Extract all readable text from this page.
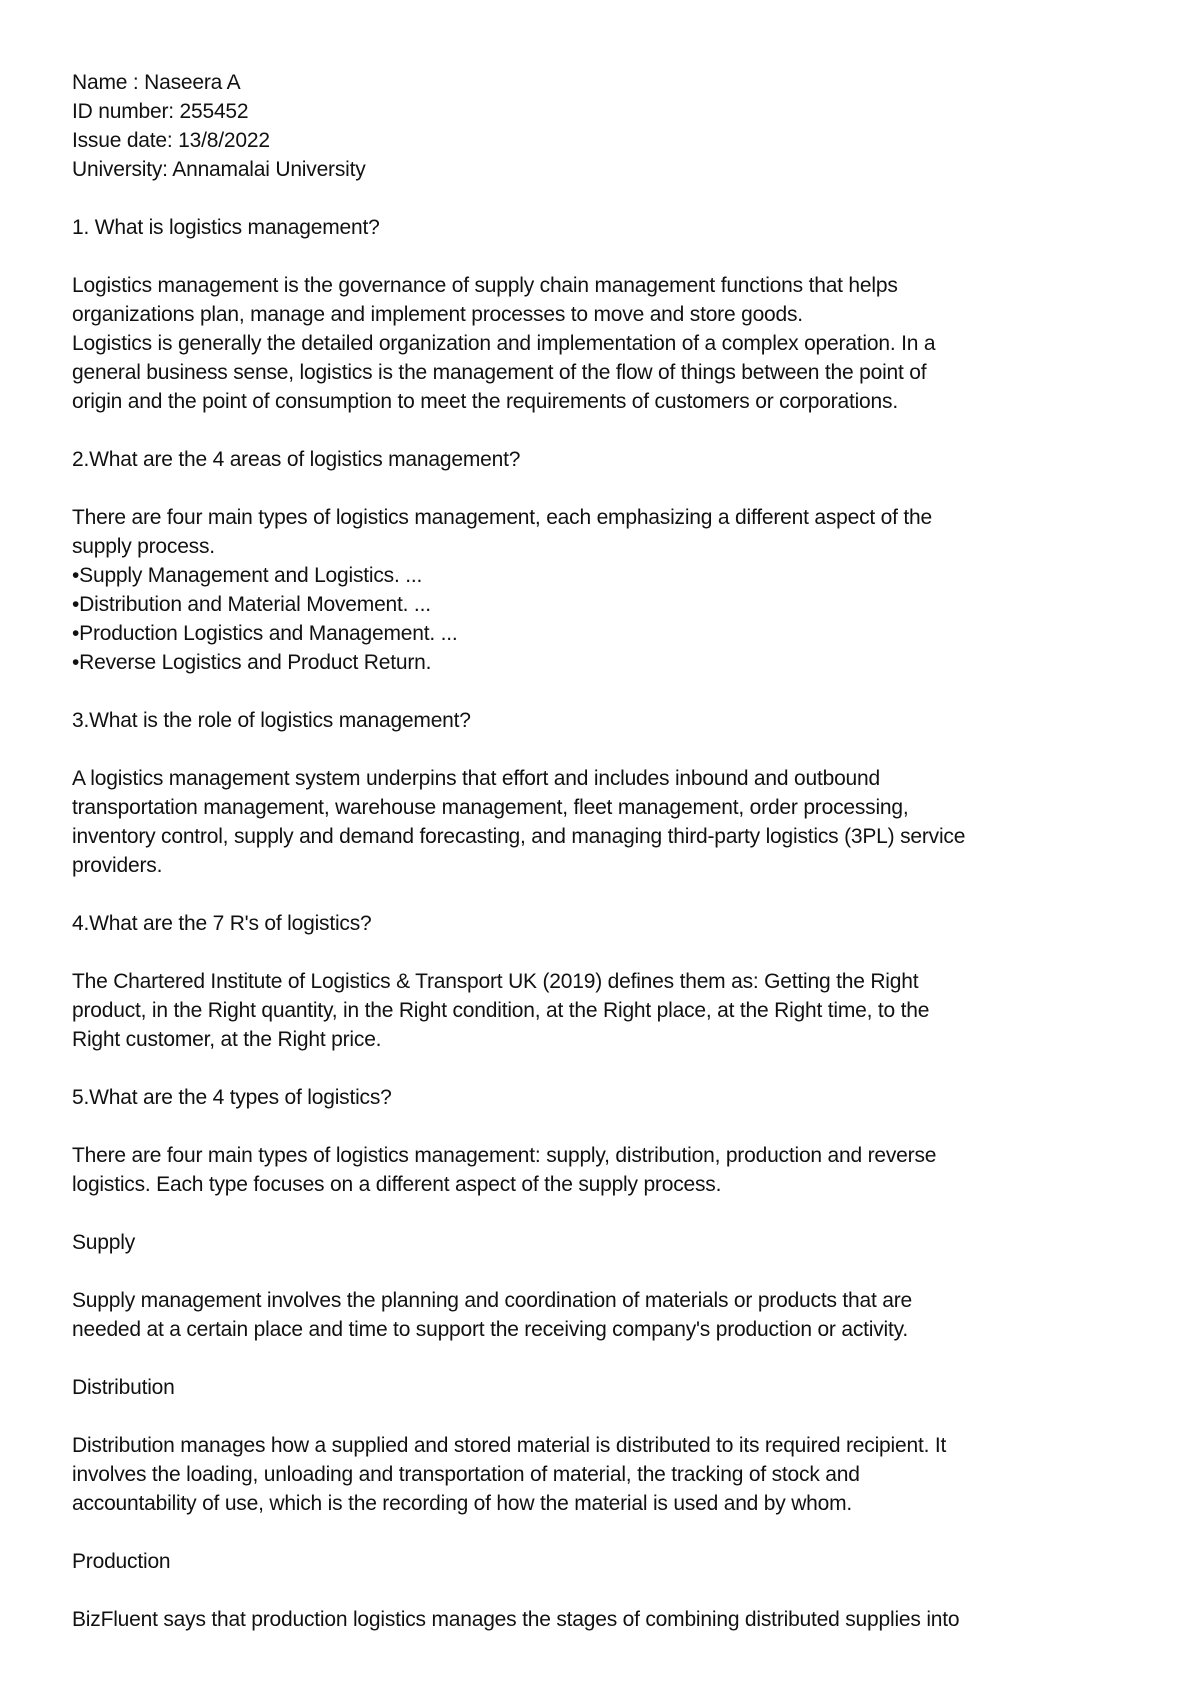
Name : Naseera A
ID number: 255452
Issue date: 13/8/2022
University: Annamalai University
1. What is logistics management?
Logistics management is the governance of supply chain management functions that helps
organizations plan, manage and implement processes to move and store goods.
Logistics is generally the detailed organization and implementation of a complex operation. In a
general business sense, logistics is the management of the flow of things between the point of
origin and the point of consumption to meet the requirements of customers or corporations.
2.What are the 4 areas of logistics management?
There are four main types of logistics management, each emphasizing a different aspect of the
supply process.
•Supply Management and Logistics. ...
•Distribution and Material Movement. ...
•Production Logistics and Management. ...
•Reverse Logistics and Product Return.
3.What is the role of logistics management?
A logistics management system underpins that effort and includes inbound and outbound
transportation management, warehouse management, fleet management, order processing,
inventory control, supply and demand forecasting, and managing third-party logistics (3PL) service
providers.
4.What are the 7 R's of logistics?
The Chartered Institute of Logistics & Transport UK (2019) defines them as: Getting the Right
product, in the Right quantity, in the Right condition, at the Right place, at the Right time, to the
Right customer, at the Right price.
5.What are the 4 types of logistics?
There are four main types of logistics management: supply, distribution, production and reverse
logistics. Each type focuses on a different aspect of the supply process.
Supply
Supply management involves the planning and coordination of materials or products that are
needed at a certain place and time to support the receiving company's production or activity.
Distribution
Distribution manages how a supplied and stored material is distributed to its required recipient. It
involves the loading, unloading and transportation of material, the tracking of stock and
accountability of use, which is the recording of how the material is used and by whom.
Production
BizFluent says that production logistics manages the stages of combining distributed supplies into
